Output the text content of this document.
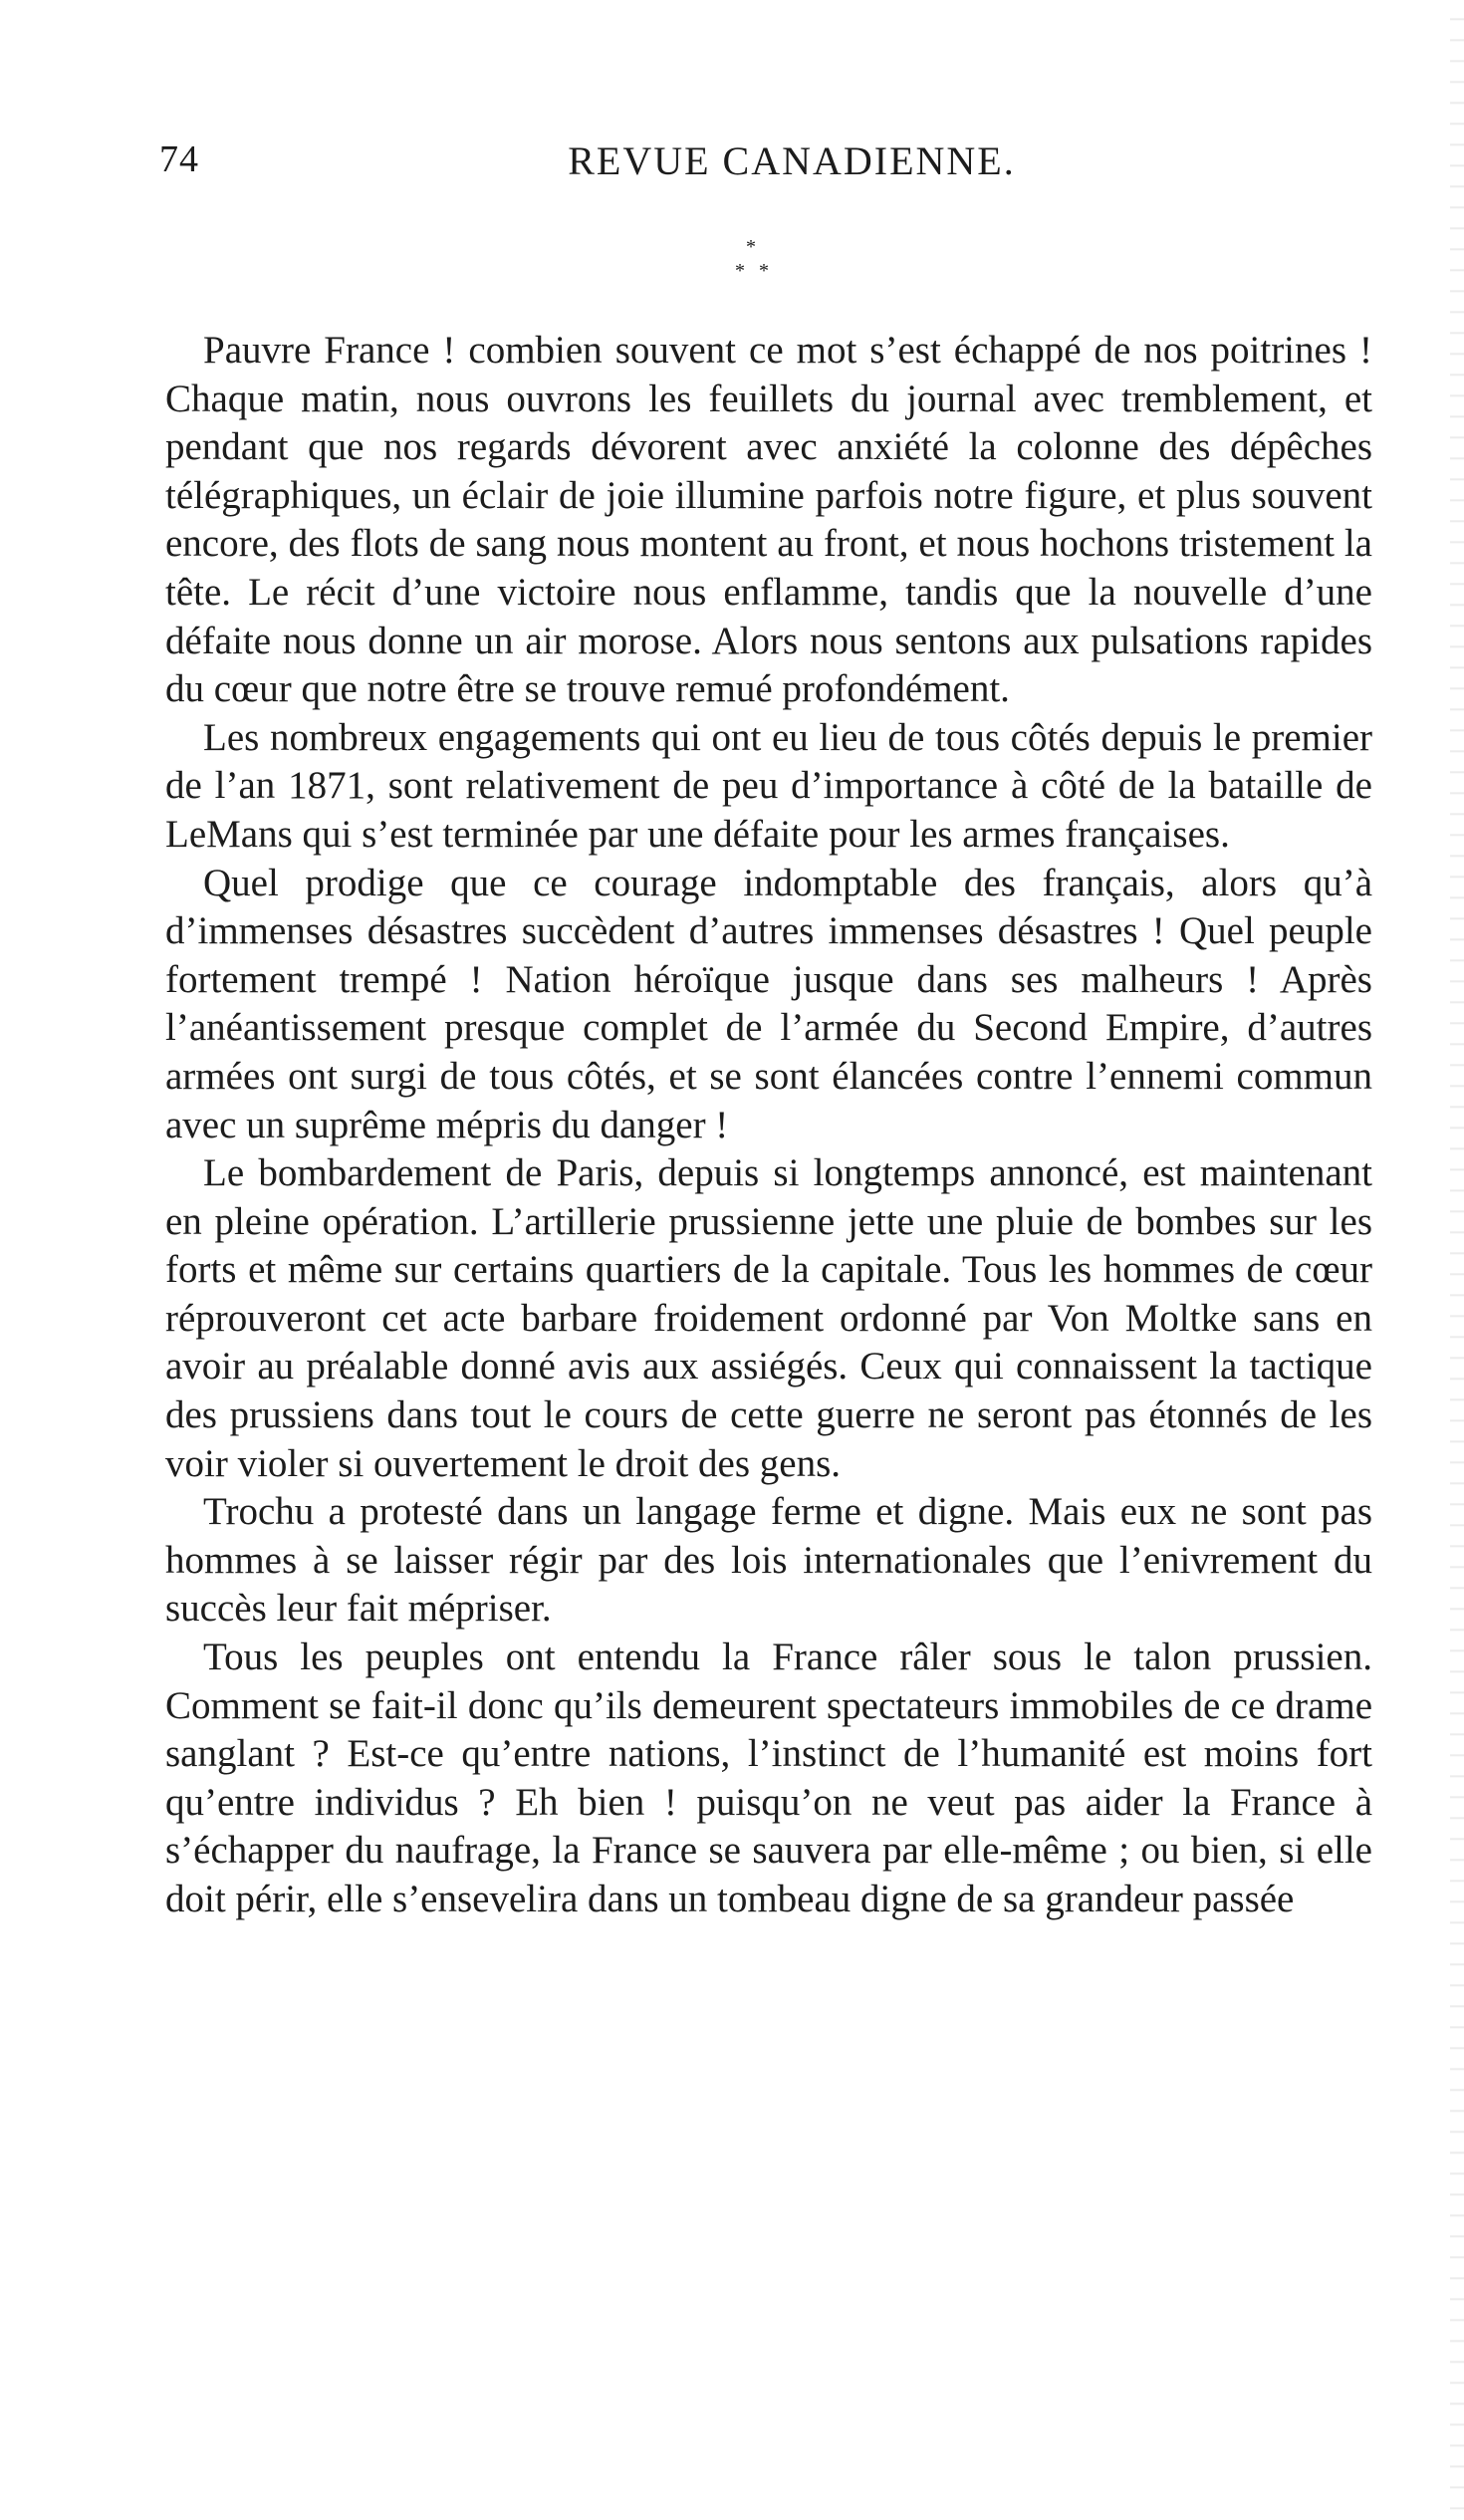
74	REVUE CANADIENNE.
*
* *

Pauvre France ! combien souvent ce mot s’est échappé de nos poitrines ! Chaque matin, nous ouvrons les feuillets du journal avec tremblement, et pendant que nos regards dévorent avec anxiété la colonne des dépêches télégraphiques, un éclair de joie illumine parfois notre figure, et plus souvent encore, des flots de sang nous montent au front, et nous hochons tristement la tête. Le récit d’une victoire nous enflamme, tandis que la nouvelle d’une défaite nous donne un air morose. Alors nous sentons aux pulsations rapides du cœur que notre être se trouve remué profondément.

Les nombreux engagements qui ont eu lieu de tous côtés depuis le premier de l’an 1871, sont relativement de peu d’importance à côté de la bataille de LeMans qui s’est terminée par une défaite pour les armes françaises.

Quel prodige que ce courage indomptable des français, alors qu’à d’immenses désastres succèdent d’autres immenses désastres ! Quel peuple fortement trempé ! Nation héroïque jusque dans ses malheurs ! Après l’anéantissement presque complet de l’armée du Second Empire, d’autres armées ont surgi de tous côtés, et se sont élancées contre l’ennemi commun avec un suprême mépris du danger !

Le bombardement de Paris, depuis si longtemps annoncé, est maintenant en pleine opération. L’artillerie prussienne jette une pluie de bombes sur les forts et même sur certains quartiers de la capitale. Tous les hommes de cœur réprouveront cet acte barbare froidement ordonné par Von Moltke sans en avoir au préalable donné avis aux assiégés. Ceux qui connaissent la tactique des prussiens dans tout le cours de cette guerre ne seront pas étonnés de les voir violer si ouvertement le droit des gens.

Trochu a protesté dans un langage ferme et digne. Mais eux ne sont pas hommes à se laisser régir par des lois internationales que l’enivrement du succès leur fait mépriser.

Tous les peuples ont entendu la France râler sous le talon prussien. Comment se fait-il donc qu’ils demeurent spectateurs immobiles de ce drame sanglant ? Est-ce qu’entre nations, l’instinct de l’humanité est moins fort qu’entre individus ? Eh bien ! puisqu’on ne veut pas aider la France à s’échapper du naufrage, la France se sauvera par elle-même ; ou bien, si elle doit périr, elle s’ensevelira dans un tombeau digne de sa grandeur passée
